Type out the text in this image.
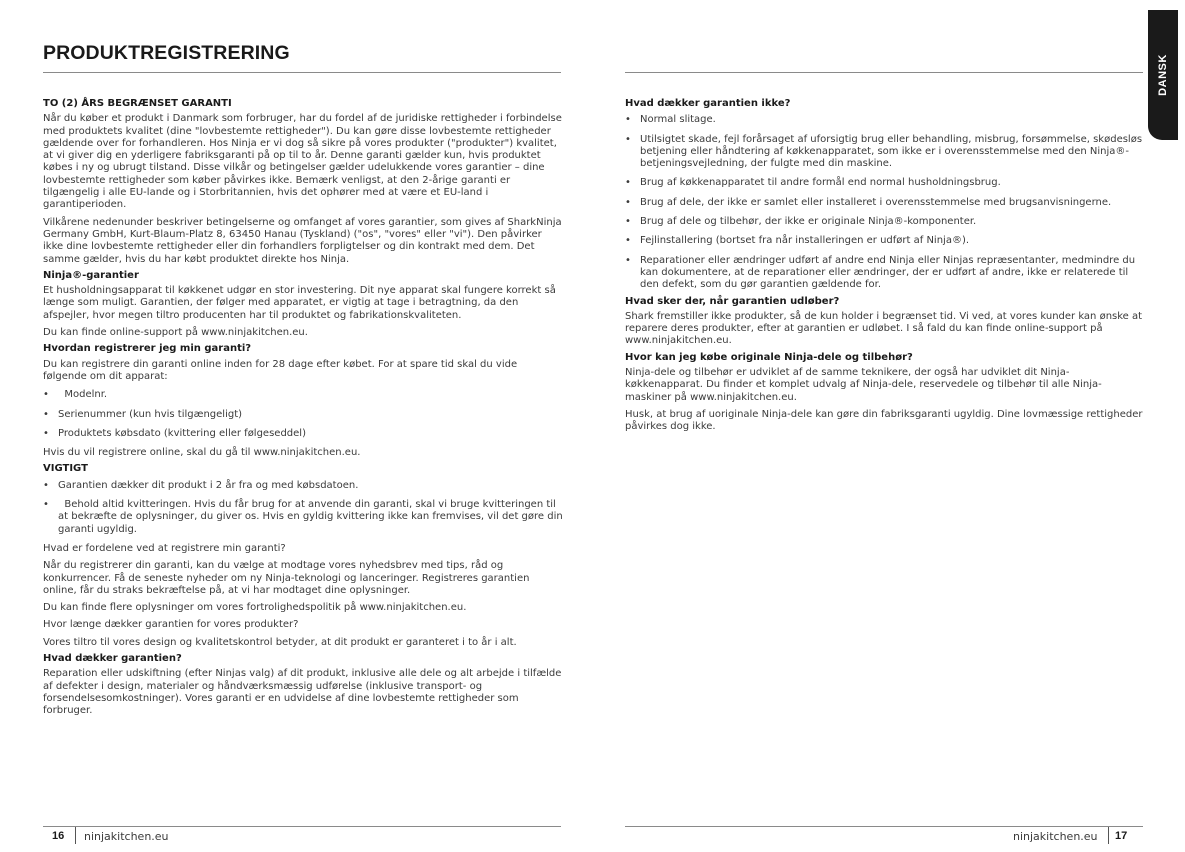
PRODUKTREGISTRERING
DANSK
TO (2) ÅRS BEGRÆNSET GARANTI

Når du køber et produkt i Danmark som forbruger, har du fordel af de juridiske rettigheder i forbindelse med produktets kvalitet (dine "lovbestemte rettigheder"). Du kan gøre disse lovbestemte rettigheder gældende over for forhandleren. Hos Ninja er vi dog så sikre på vores produkter ("produkter") kvalitet, at vi giver dig en yderligere fabriksgaranti på op til to år. Denne garanti gælder kun, hvis produktet købes i ny og ubrugt tilstand. Disse vilkår og betingelser gælder udelukkende vores garantier – dine lovbestemte rettigheder som køber påvirkes ikke. Bemærk venligst, at den 2-årige garanti er tilgængelig i alle EU-lande og i Storbritannien, hvis det ophører med at være et EU-land i garantiperioden.

Vilkårene nedenunder beskriver betingelserne og omfanget af vores garantier, som gives af SharkNinja Germany GmbH, Kurt-Blaum-Platz 8, 63450 Hanau (Tyskland) ("os", "vores" eller "vi"). Den påvirker ikke dine lovbestemte rettigheder eller din forhandlers forpligtelser og din kontrakt med dem. Det samme gælder, hvis du har købt produktet direkte hos Ninja.

Ninja®-garantier

Et husholdningsapparat til køkkenet udgør en stor investering. Dit nye apparat skal fungere korrekt så længe som muligt. Garantien, der følger med apparatet, er vigtig at tage i betragtning, da den afspejler, hvor megen tiltro producenten har til produktet og fabrikationskvaliteten.

Du kan finde online-support på www.ninjakitchen.eu.

Hvordan registrerer jeg min garanti?

Du kan registrere din garanti online inden for 28 dage efter købet. For at spare tid skal du vide følgende om dit apparat:

• Modelnr.
• Serienummer (kun hvis tilgængeligt)
• Produktets købsdato (kvittering eller følgeseddel)

Hvis du vil registrere online, skal du gå til www.ninjakitchen.eu.

VIGTIGT
• Garantien dækker dit produkt i 2 år fra og med købsdatoen.
• Behold altid kvitteringen. Hvis du får brug for at anvende din garanti, skal vi bruge kvitteringen til at bekræfte de oplysninger, du giver os. Hvis en gyldig kvittering ikke kan fremvises, vil det gøre din garanti ugyldig.

Hvad er fordelene ved at registrere min garanti?

Når du registrerer din garanti, kan du vælge at modtage vores nyhedsbrev med tips, råd og konkurrencer. Få de seneste nyheder om ny Ninja-teknologi og lanceringer. Registreres garantien online, får du straks bekræftelse på, at vi har modtaget dine oplysninger.

Du kan finde flere oplysninger om vores fortrolighedspolitik på www.ninjakitchen.eu.

Hvor længe dækker garantien for vores produkter?

Vores tiltro til vores design og kvalitetskontrol betyder, at dit produkt er garanteret i to år i alt.

Hvad dækker garantien?

Reparation eller udskiftning (efter Ninjas valg) af dit produkt, inklusive alle dele og alt arbejde i tilfælde af defekter i design, materialer og håndværksmæssig udførelse (inklusive transport- og forsendelsesomkostninger). Vores garanti er en udvidelse af dine lovbestemte rettigheder som forbruger.

Hvad dækker garantien ikke?
• Normal slitage.
• Utilsigtet skade, fejl forårsaget af uforsigtig brug eller behandling, misbrug, forsømmelse, skødesløs betjening eller håndtering af køkkenapparatet, som ikke er i overensstemmelse med den Ninja®-betjeningsvejledning, der fulgte med din maskine.
• Brug af køkkenapparatet til andre formål end normal husholdningsbrug.
• Brug af dele, der ikke er samlet eller installeret i overensstemmelse med brugsanvisningerne.
• Brug af dele og tilbehør, der ikke er originale Ninja®-komponenter.
• Fejlinstallering (bortset fra når installeringen er udført af Ninja®).
• Reparationer eller ændringer udført af andre end Ninja eller Ninjas repræsentanter, medmindre du kan dokumentere, at de reparationer eller ændringer, der er udført af andre, ikke er relaterede til den defekt, som du gør garantien gældende for.
Hvad sker der, når garantien udløber?

Shark fremstiller ikke produkter, så de kun holder i begrænset tid. Vi ved, at vores kunder kan ønske at reparere deres produkter, efter at garantien er udløbet. I så fald du kan finde online-support på www.ninjakitchen.eu.

Hvor kan jeg købe originale Ninja-dele og tilbehør?

Ninja-dele og tilbehør er udviklet af de samme teknikere, der også har udviklet dit Ninja-køkkenapparat. Du finder et komplet udvalg af Ninja-dele, reservedele og tilbehør til alle Ninja-maskiner på www.ninjakitchen.eu.

Husk, at brug af uoriginale Ninja-dele kan gøre din fabriksgaranti ugyldig. Dine lovmæssige rettigheder påvirkes dog ikke.

16 ninjakitchen.eu	ninjakitchen.eu 17
